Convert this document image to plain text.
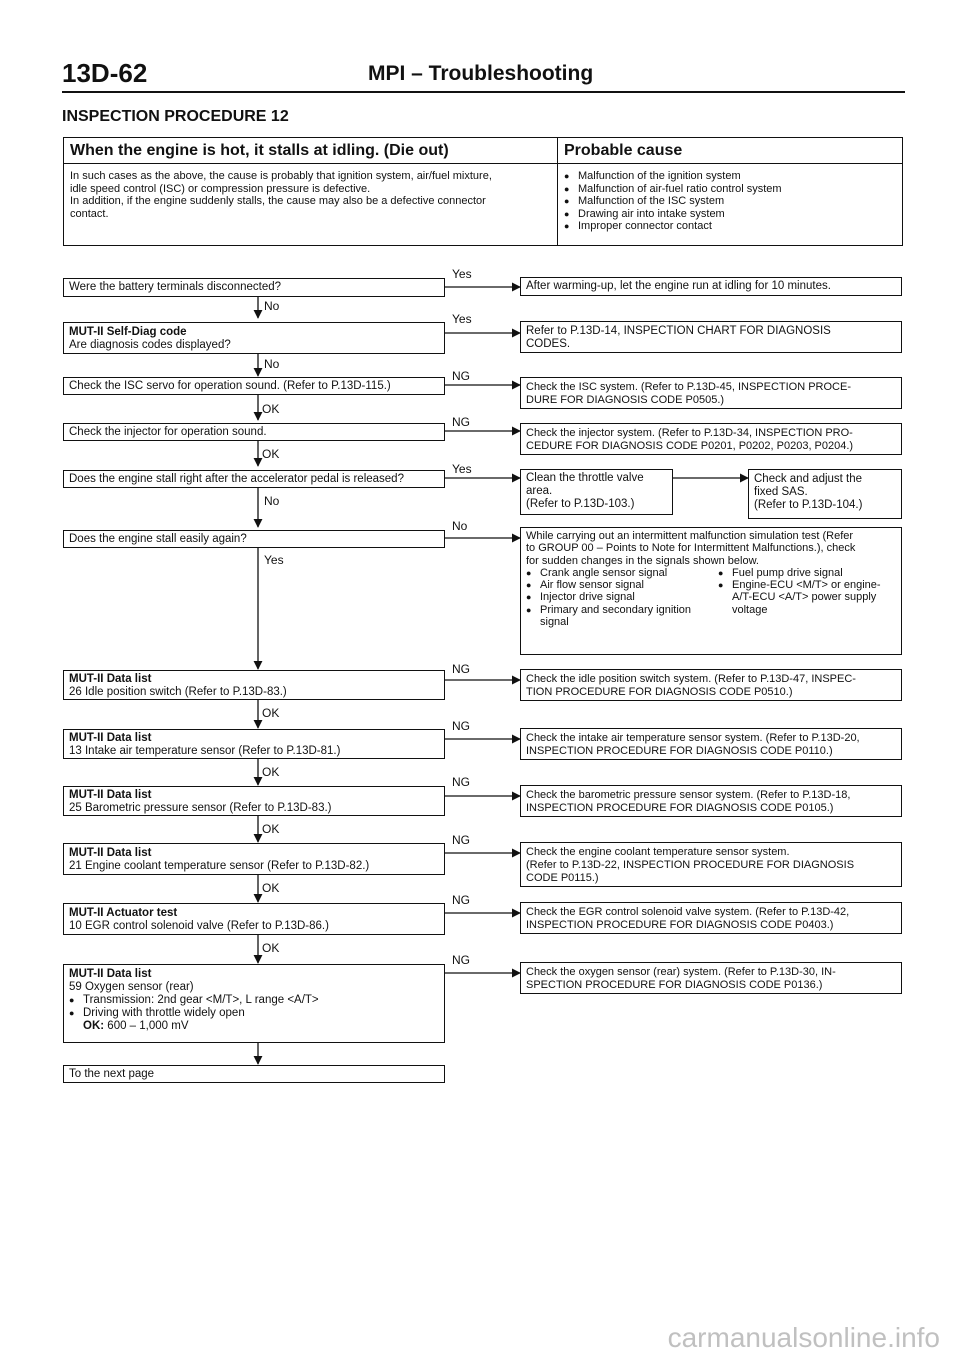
13D-62	MPI – Troubleshooting
INSPECTION PROCEDURE 12
When the engine is hot, it stalls at idling. (Die out)
In such cases as the above, the cause is probably that ignition system, air/fuel mixture,
idle speed control (ISC) or compression pressure is defective.
In addition, if the engine suddenly stalls, the cause may also be a defective connector
contact.
Probable cause
● Malfunction of the ignition system
● Malfunction of air-fuel ratio control system
● Malfunction of the ISC system
● Drawing air into intake system
● Improper connector contact
Were the battery terminals disconnected?
MUT-II Self-Diag code
Are diagnosis codes displayed?
Check the ISC servo for operation sound. (Refer to P.13D-115.)
Check the injector for operation sound.
Does the engine stall right after the accelerator pedal is released?
Does the engine stall easily again?
MUT-II Data list
26 Idle position switch (Refer to P.13D-83.)
MUT-II Data list
13 Intake air temperature sensor (Refer to P.13D-81.)
MUT-II Data list
25 Barometric pressure sensor (Refer to P.13D-83.)
MUT-II Data list
21 Engine coolant temperature sensor (Refer to P.13D-82.)
MUT-II Actuator test
10 EGR control solenoid valve (Refer to P.13D-86.)
MUT-II Data list
59 Oxygen sensor (rear)
● Transmission: 2nd gear <M/T>, L range <A/T>
● Driving with throttle widely open
OK: 600 – 1,000 mV
To the next page
No
No
OK
OK
No
Yes
OK
OK
OK
OK
OK
Yes
Yes
NG
NG
Yes
No
NG
NG
NG
NG
NG
NG
After warming-up, let the engine run at idling for 10 minutes.
Refer to P.13D-14, INSPECTION CHART FOR DIAGNOSIS
CODES.
Check the ISC system. (Refer to P.13D-45, INSPECTION PROCE-
DURE FOR DIAGNOSIS CODE P0505.)
Check the injector system. (Refer to P.13D-34, INSPECTION PRO-
CEDURE FOR DIAGNOSIS CODE P0201, P0202, P0203, P0204.)
Clean the throttle valve
area.
(Refer to P.13D-103.)
Check and adjust the
fixed SAS.
(Refer to P.13D-104.)
While carrying out an intermittent malfunction simulation test (Refer
to GROUP 00 – Points to Note for Intermittent Malfunctions.), check
for sudden changes in the signals shown below.
● Crank angle sensor signal
● Air flow sensor signal
● Injector drive signal
● Primary and secondary ignition signal
● Fuel pump drive signal
● Engine-ECU <M/T> or engine-A/T-ECU <A/T> power supply voltage
Check the idle position switch system. (Refer to P.13D-47, INSPEC-
TION PROCEDURE FOR DIAGNOSIS CODE P0510.)
Check the intake air temperature sensor system. (Refer to P.13D-20,
INSPECTION PROCEDURE FOR DIAGNOSIS CODE P0110.)
Check the barometric pressure sensor system. (Refer to P.13D-18,
INSPECTION PROCEDURE FOR DIAGNOSIS CODE P0105.)
Check the engine coolant temperature sensor system.
(Refer to P.13D-22, INSPECTION PROCEDURE FOR DIAGNOSIS
CODE P0115.)
Check the EGR control solenoid valve system. (Refer to P.13D-42,
INSPECTION PROCEDURE FOR DIAGNOSIS CODE P0403.)
Check the oxygen sensor (rear) system. (Refer to P.13D-30, IN-
SPECTION PROCEDURE FOR DIAGNOSIS CODE P0136.)
carmanualsonline.info
